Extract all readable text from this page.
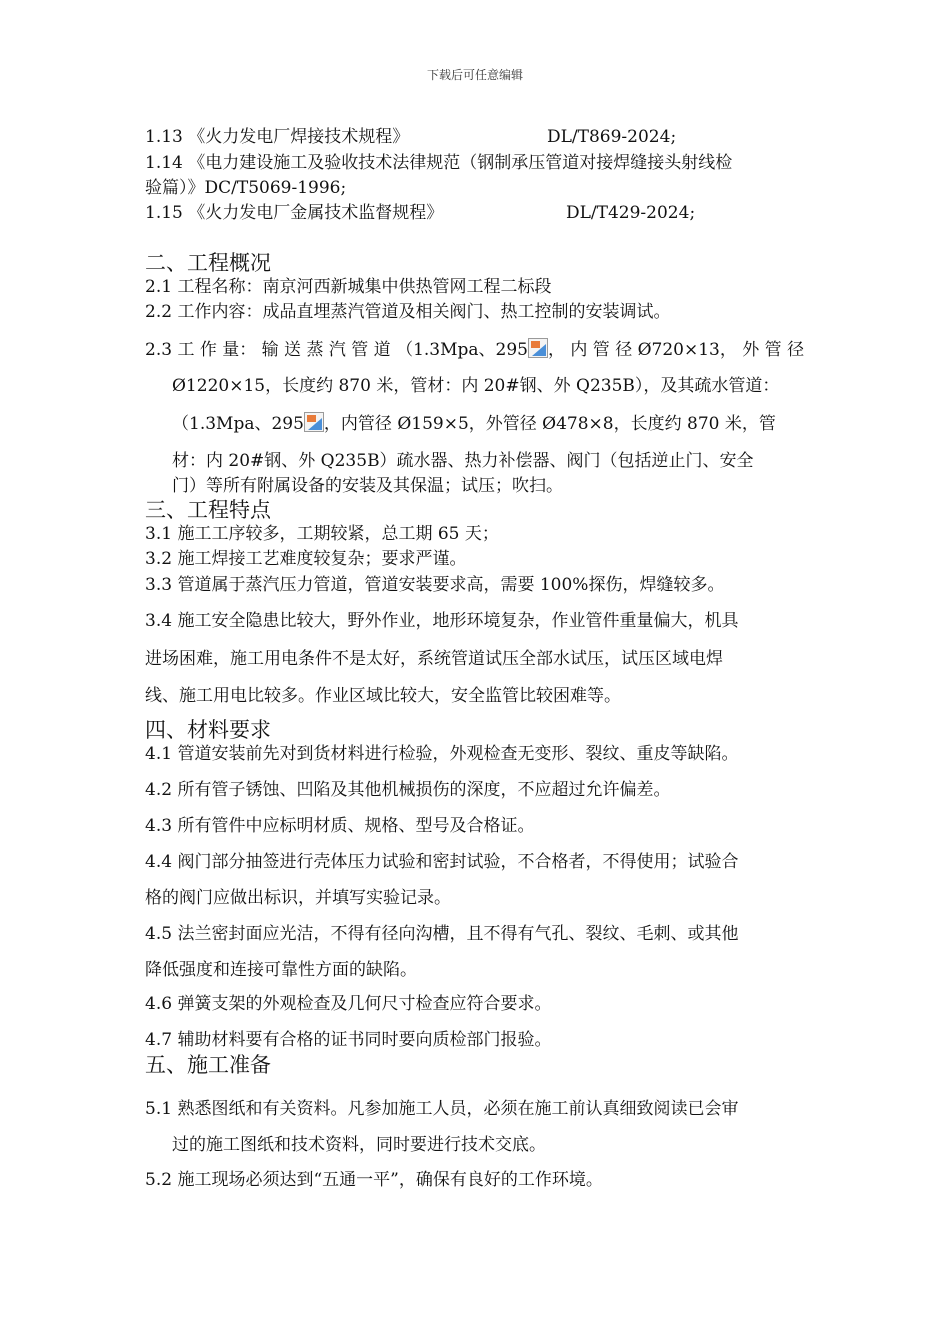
下载后可任意编辑
1.13 《火力发电厂焊接技术规程》	DL/T869-2024;
1.14 《电力建设施工及验收技术法律规范（钢制承压管道对接焊缝接头射线检
验篇）》DC/T5069-1996;
1.15 《火力发电厂金属技术监督规程》	DL/T429-2024;
二、工程概况
2.1 工程名称：南京河西新城集中供热管网工程二标段
2.2 工作内容：成品直埋蒸汽管道及相关阀门、热工控制的安装调试。
2.3 工 作 量： 输 送 蒸 汽 管 道 （1.3Mpa、295 ， 内 管 径 Ø720×13， 外 管 径
Ø1220×15，长度约 870 米，管材：内 20#钢、外 Q235B），及其疏水管道：
（1.3Mpa、295 ，内管径 Ø159×5，外管径 Ø478×8，长度约 870 米，管
材：内 20#钢、外 Q235B）疏水器、热力补偿器、阀门（包括逆止门、安全
门）等所有附属设备的安装及其保温；试压；吹扫。
三、工程特点
3.1 施工工序较多，工期较紧，总工期 65 天；
3.2 施工焊接工艺难度较复杂；要求严谨。
3.3 管道属于蒸汽压力管道，管道安装要求高，需要 100%探伤，焊缝较多。
3.4 施工安全隐患比较大，野外作业，地形环境复杂，作业管件重量偏大，机具
进场困难，施工用电条件不是太好，系统管道试压全部水试压，试压区域电焊
线、施工用电比较多。作业区域比较大，安全监管比较困难等。
四、材料要求
4.1 管道安装前先对到货材料进行检验，外观检查无变形、裂纹、重皮等缺陷。
4.2 所有管子锈蚀、凹陷及其他机械损伤的深度，不应超过允许偏差。
4.3 所有管件中应标明材质、规格、型号及合格证。
4.4 阀门部分抽签进行壳体压力试验和密封试验，不合格者，不得使用；试验合
格的阀门应做出标识，并填写实验记录。
4.5 法兰密封面应光洁，不得有径向沟槽，且不得有气孔、裂纹、毛刺、或其他
降低强度和连接可靠性方面的缺陷。
4.6 弹簧支架的外观检查及几何尺寸检查应符合要求。
4.7 辅助材料要有合格的证书同时要向质检部门报验。
五、施工准备
5.1 熟悉图纸和有关资料。凡参加施工人员，必须在施工前认真细致阅读已会审
过的施工图纸和技术资料，同时要进行技术交底。
5.2 施工现场必须达到“五通一平”，确保有良好的工作环境。
